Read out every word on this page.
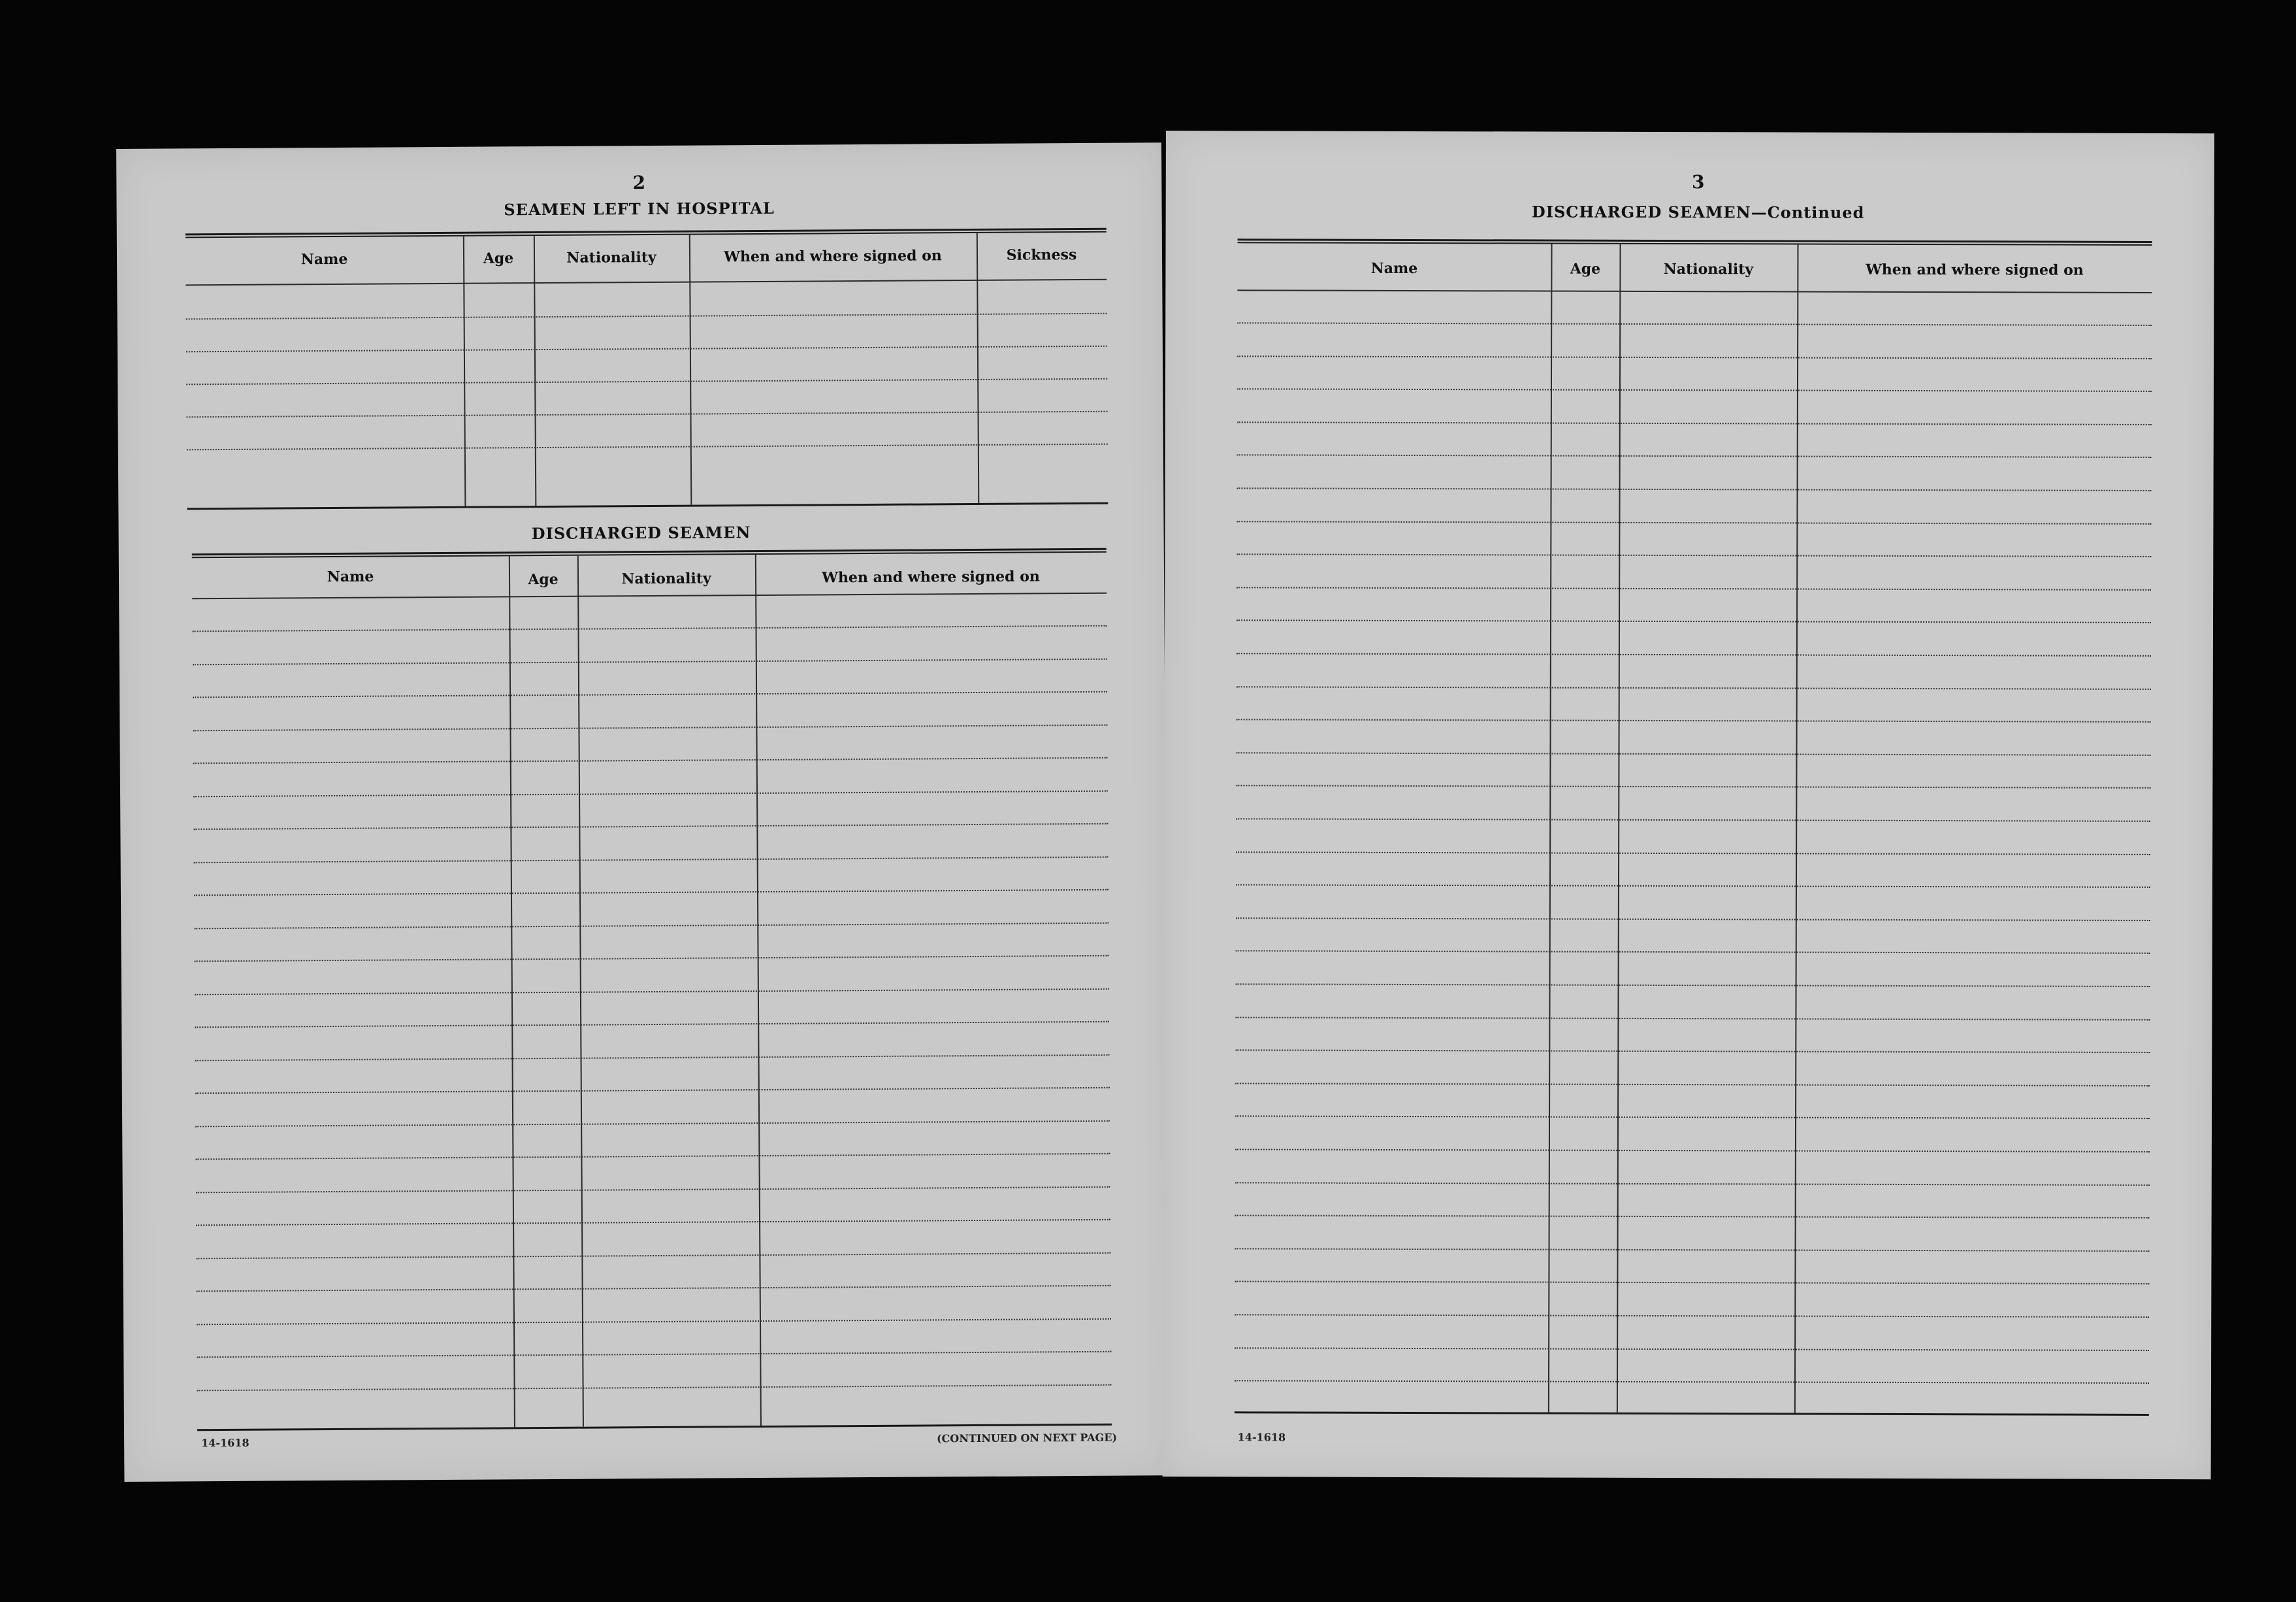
2
SEAMEN LEFT IN HOSPITAL
Name	Age	Nationality	When and where signed on	Sickness
DISCHARGED SEAMEN
Name	Age	Nationality	When and where signed on
14-1618	(CONTINUED ON NEXT PAGE)
3
DISCHARGED SEAMEN—Continued
Name	Age	Nationality	When and where signed on
14-1618
